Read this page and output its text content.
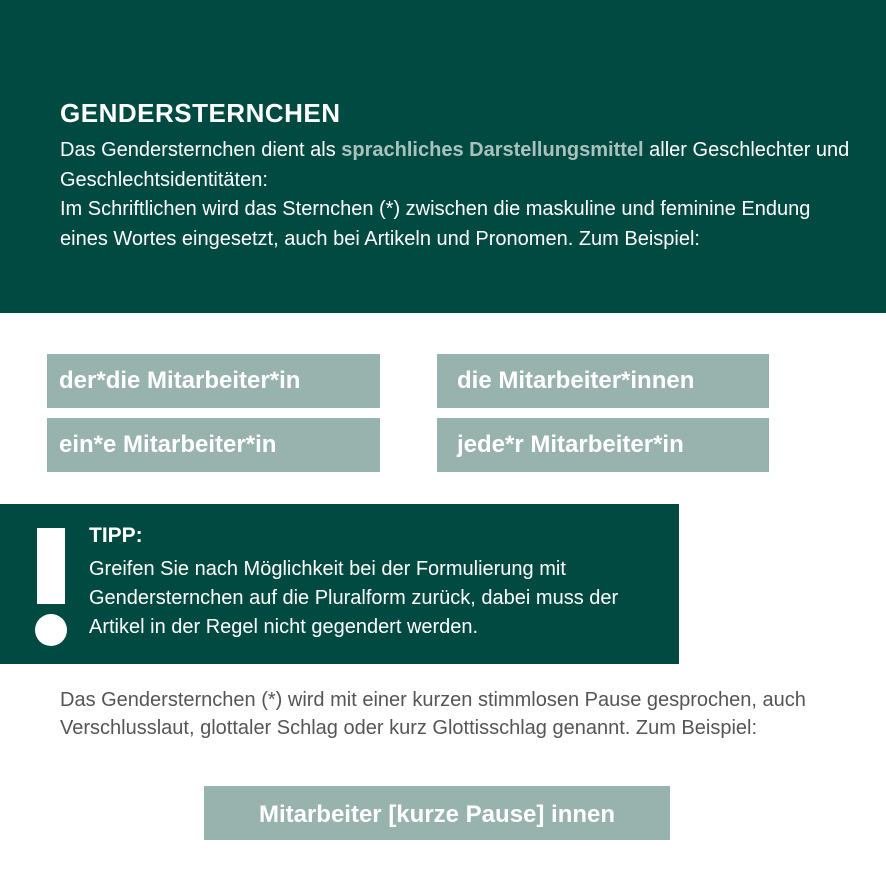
GENDERSTERNCHEN

Das Gendersternchen dient als sprachliches Darstellungsmittel aller Geschlechter und Geschlechtsidentitäten:
Im Schriftlichen wird das Sternchen (*) zwischen die maskuline und feminine Endung eines Wortes eingesetzt, auch bei Artikeln und Pronomen. Zum Beispiel:

der*die Mitarbeiter*in	die Mitarbeiter*innen
ein*e Mitarbeiter*in	jede*r Mitarbeiter*in
TIPP:

Greifen Sie nach Möglichkeit bei der Formulierung mit Gendersternchen auf die Pluralform zurück, dabei muss der Artikel in der Regel nicht gegendert werden.

Das Gendersternchen (*) wird mit einer kurzen stimmlosen Pause gesprochen, auch Verschlusslaut, glottaler Schlag oder kurz Glottisschlag genannt. Zum Beispiel:

Mitarbeiter [kurze Pause] innen
